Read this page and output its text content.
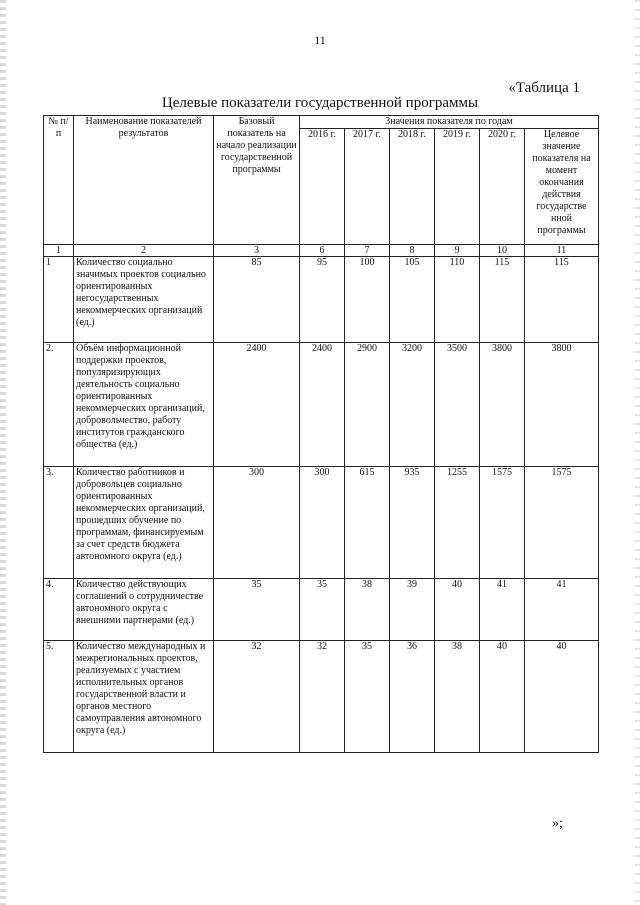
11
«Таблица 1
Целевые показатели государственной программы
№ п/п	Наименование показателей результатов	Базовый показатель на начало реализации государственной программы	Значения показателя по годам					
			2016 г.	2017 г.	2018 г.	2019 г.	2020 г.	Целевое значение показателя на момент окончания действия государстве нной программы
1	2	3	6	7	8	9	10	11
1	Количество социально значимых проектов социально ориентированных негосударственных некоммерческих организаций (ед.)	85	95	100	105	110	115	115
2.	Объём информационной поддержки проектов, популяризирующих деятельность социально ориентированных некоммерческих организаций, добровольчество, работу институтов гражданского общества (ед.)	2400	2400	2900	3200	3500	3800	3800
3.	Количество работников и добровольцев социально ориентированных некоммерческих организаций, прошедших обучение по программам, финансируемым за счет средств бюджета автономного округа (ед.)	300	300	615	935	1255	1575	1575
4.	Количество действующих соглашений о сотрудничестве автономного округа с внешними партнерами (ед.)	35	35	38	39	40	41	41
5.	Количество международных и межрегиональных проектов, реализуемых с участием исполнительных органов государственной власти и органов местного самоуправления автономного округа (ед.)	32	32	35	36	38	40	40
»;
